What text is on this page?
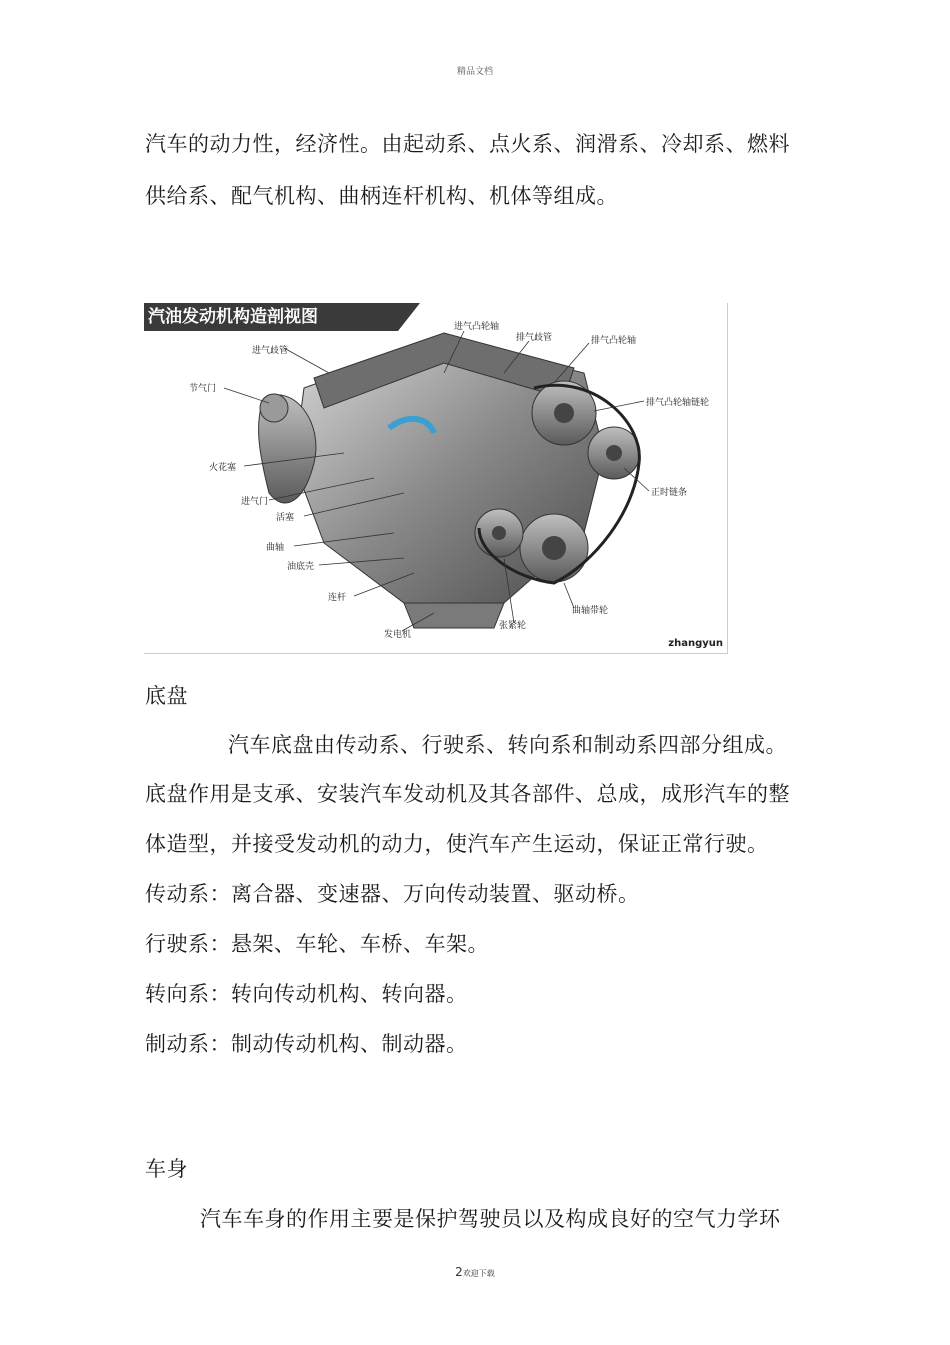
精品文档
汽车的动力性，经济性。由起动系、点火系、润滑系、冷却系、燃料
供给系、配气机构、曲柄连杆机构、机体等组成。
汽油发动机构造剖视图	进气凸轮轴
排气歧管	排气凸轮轴
进气歧管
节气门
排气凸轮轴链轮
火花塞
正时链条
进气门
活塞
曲轴
油底壳
连杆
曲轴带轮
张紧轮
发电机
zhangyun
底盘
汽车底盘由传动系、行驶系、转向系和制动系四部分组成。
底盘作用是支承、安装汽车发动机及其各部件、总成，成形汽车的整
体造型，并接受发动机的动力，使汽车产生运动，保证正常行驶。
传动系：离合器、变速器、万向传动装置、驱动桥。
行驶系：悬架、车轮、车桥、车架。
转向系：转向传动机构、转向器。
制动系：制动传动机构、制动器。
车身
汽车车身的作用主要是保护驾驶员以及构成良好的空气力学环
2欢迎下载
